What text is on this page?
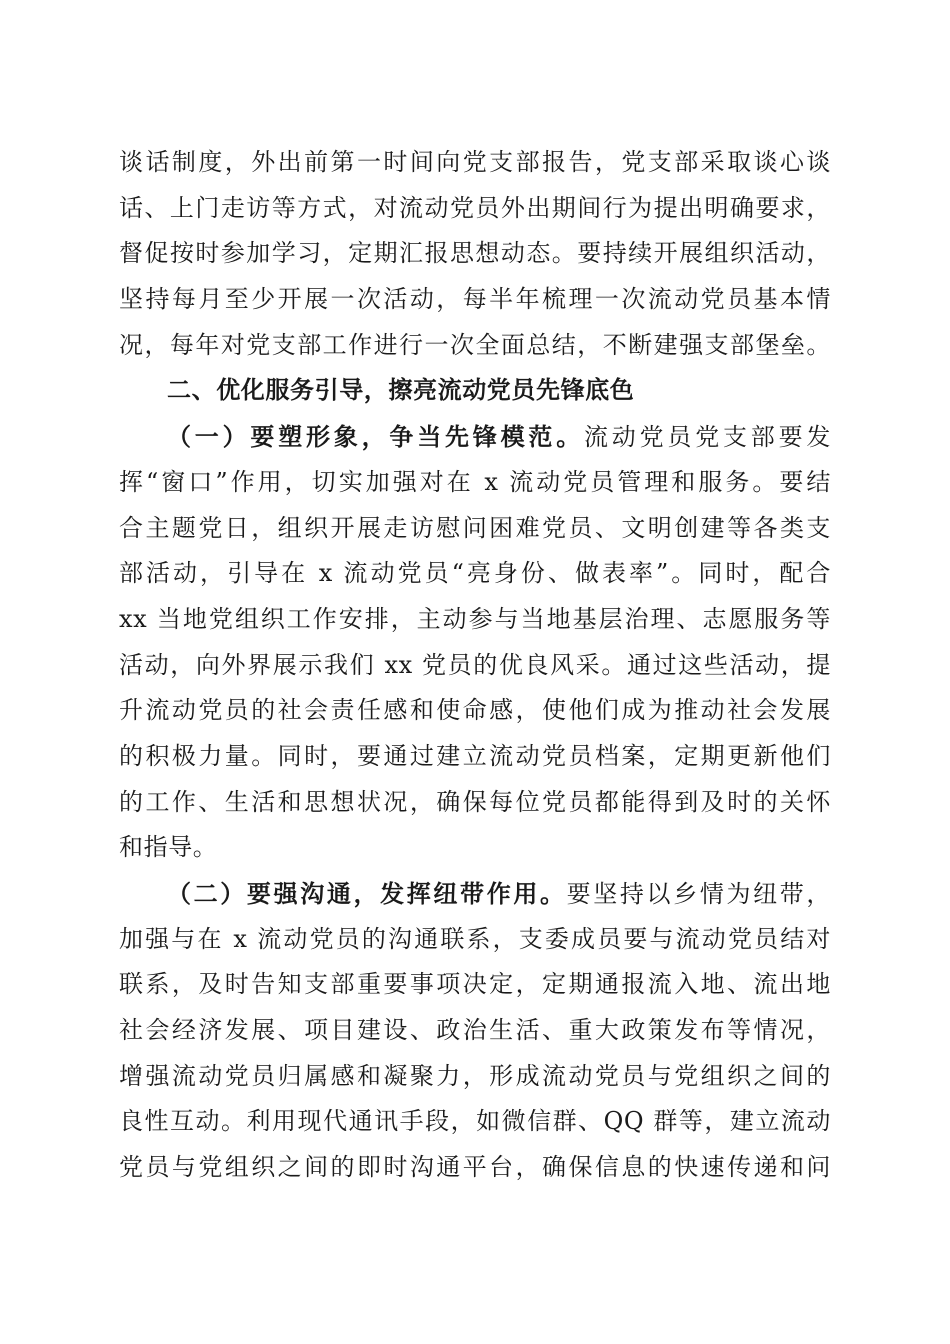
谈话制度，外出前第一时间向党支部报告，党支部采取谈心谈
话、上门走访等方式，对流动党员外出期间行为提出明确要求，
督促按时参加学习，定期汇报思想动态。要持续开展组织活动，
坚持每月至少开展一次活动，每半年梳理一次流动党员基本情
况，每年对党支部工作进行一次全面总结，不断建强支部堡垒。
二、优化服务引导，擦亮流动党员先锋底色
（一）要塑形象，争当先锋模范。流动党员党支部要发
挥“窗口”作用，切实加强对在 x 流动党员管理和服务。要结
合主题党日，组织开展走访慰问困难党员、文明创建等各类支
部活动，引导在 x 流动党员“亮身份、做表率”。同时，配合
xx 当地党组织工作安排，主动参与当地基层治理、志愿服务等
活动，向外界展示我们 xx 党员的优良风采。通过这些活动，提
升流动党员的社会责任感和使命感，使他们成为推动社会发展
的积极力量。同时，要通过建立流动党员档案，定期更新他们
的工作、生活和思想状况，确保每位党员都能得到及时的关怀
和指导。
（二）要强沟通，发挥纽带作用。要坚持以乡情为纽带，
加强与在 x 流动党员的沟通联系，支委成员要与流动党员结对
联系，及时告知支部重要事项决定，定期通报流入地、流出地
社会经济发展、项目建设、政治生活、重大政策发布等情况，
增强流动党员归属感和凝聚力，形成流动党员与党组织之间的
良性互动。利用现代通讯手段，如微信群、QQ 群等，建立流动
党员与党组织之间的即时沟通平台，确保信息的快速传递和问
